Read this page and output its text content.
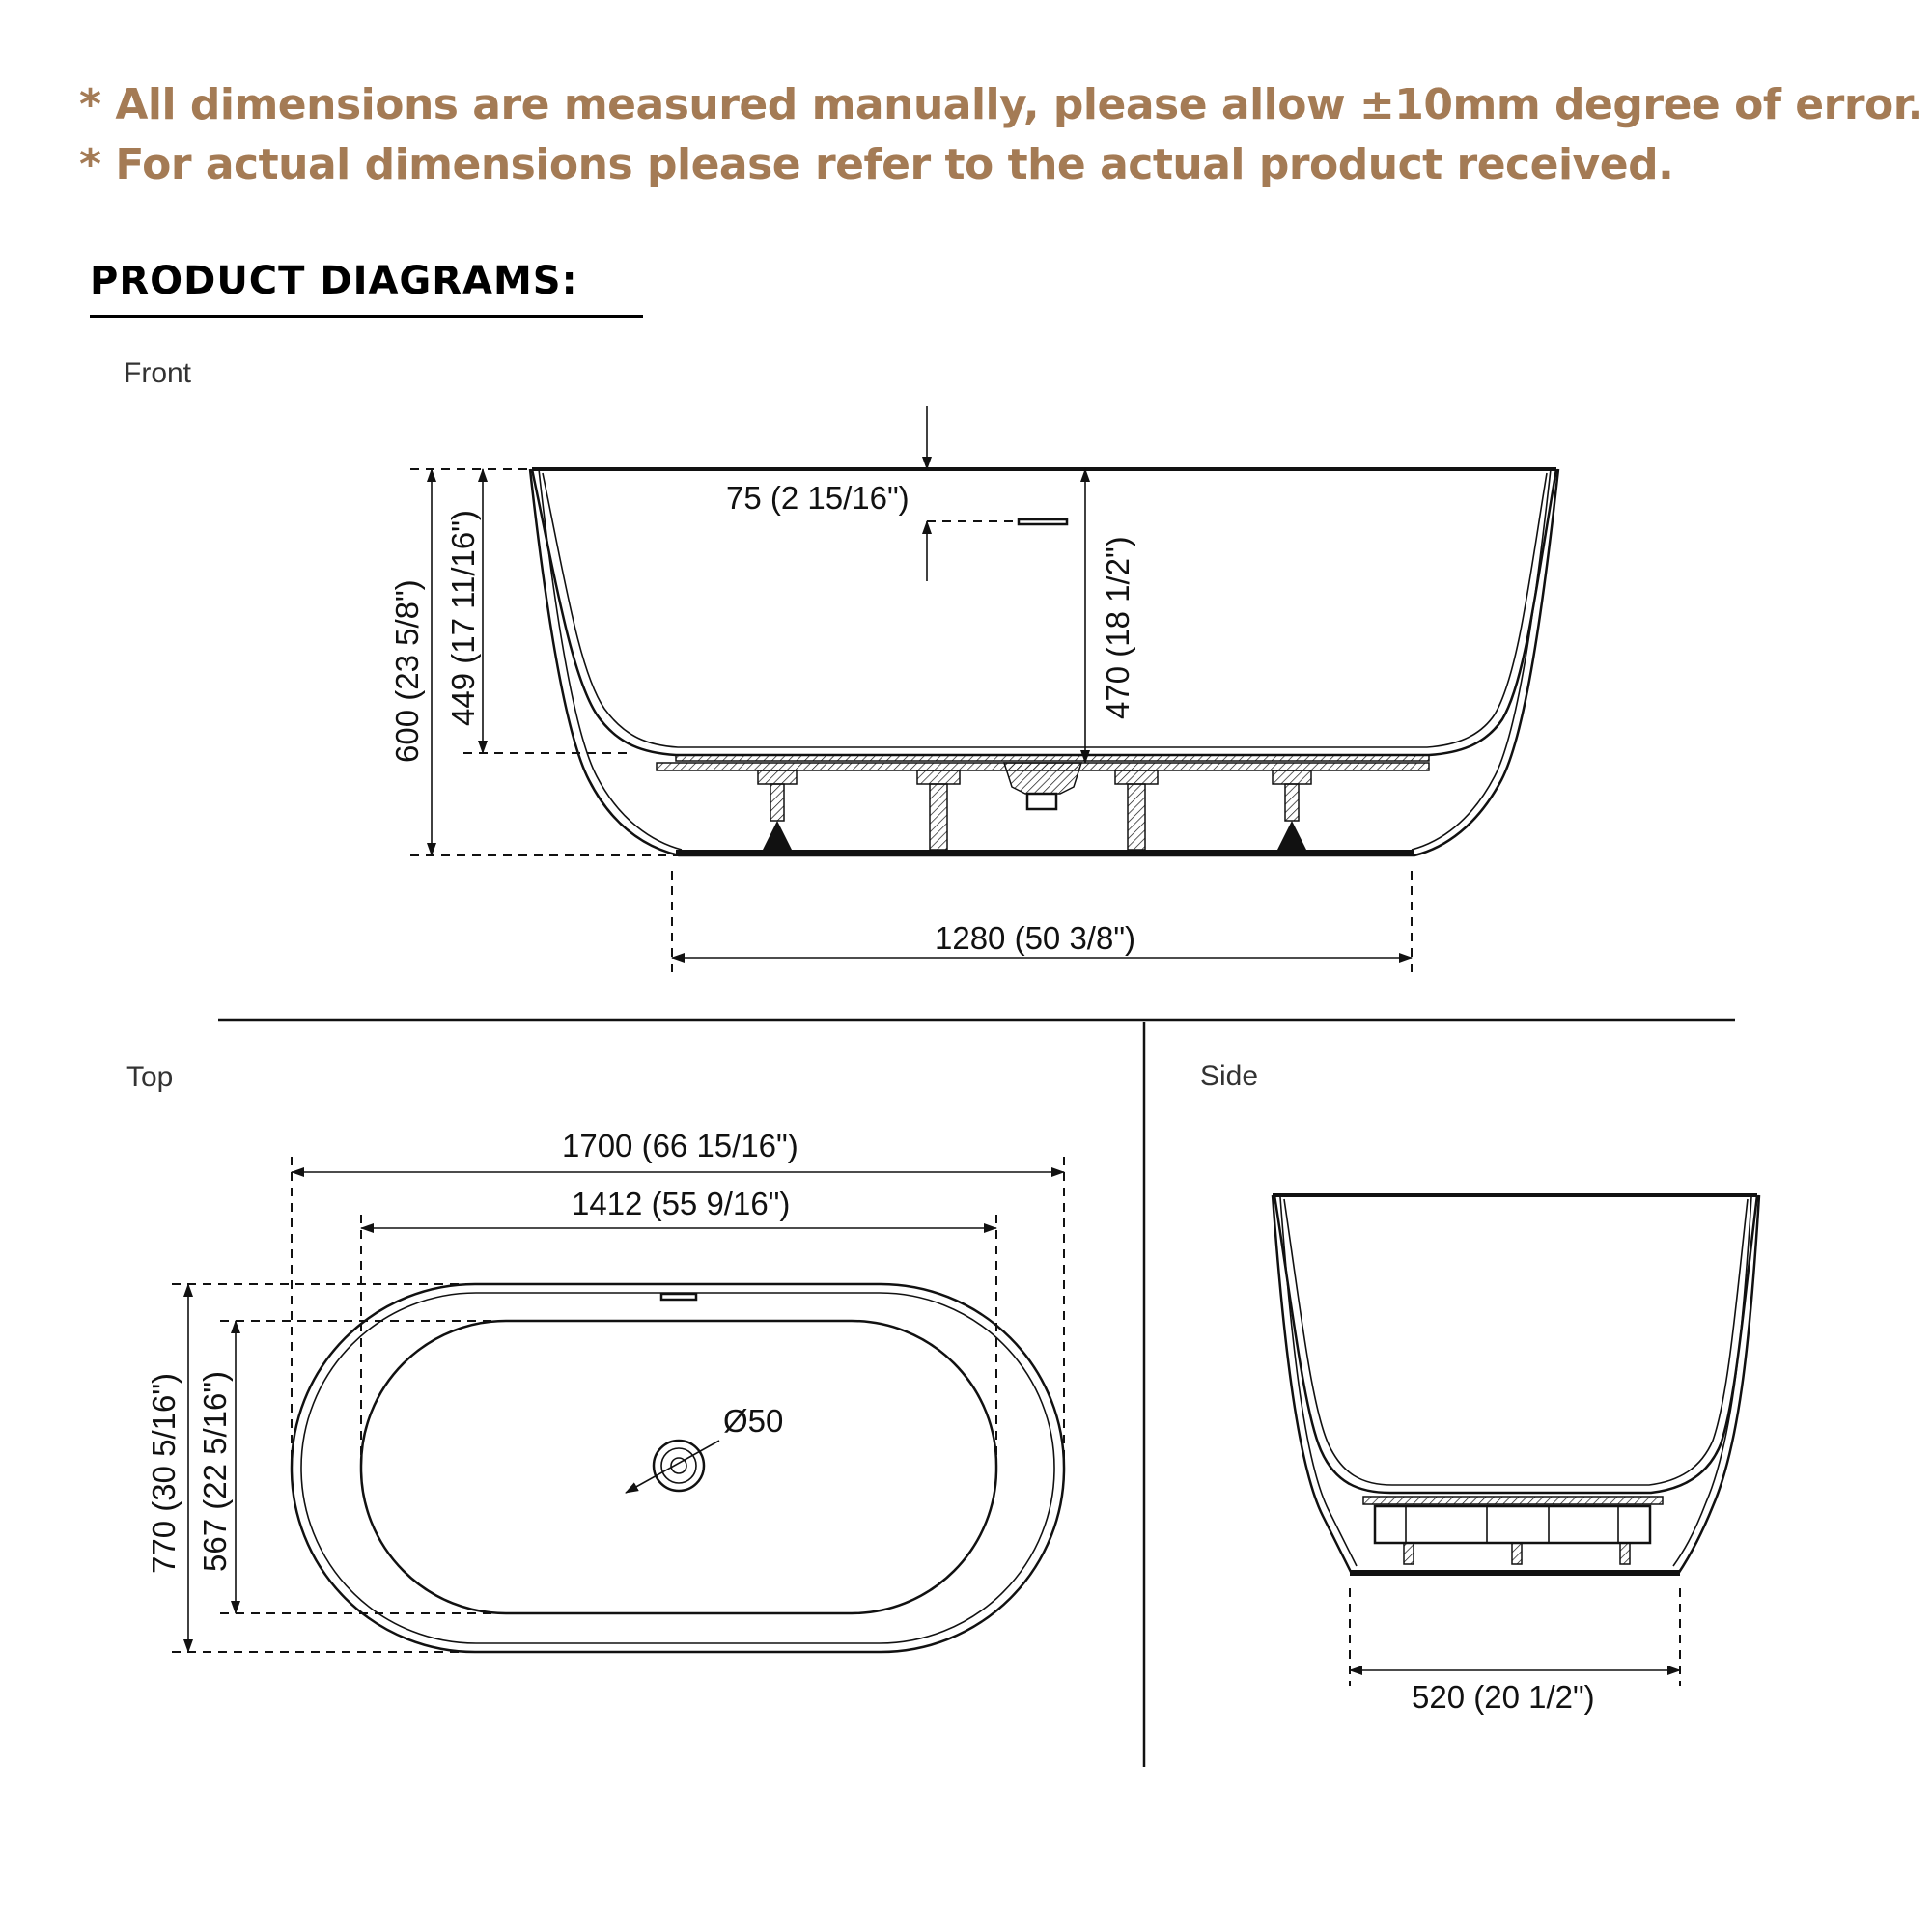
* All dimensions are measured manually, please allow ±10mm degree of error.
* For actual dimensions please refer to the actual product received.
PRODUCT DIAGRAMS:
Front
75 (2 15/16")
470 (18 1/2")
600 (23 5/8") 449 (17 11/16")
1280 (50 3/8")
Top
Ø50
1700 (66 15/16")
1412 (55 9/16")
770 (30 5/16") 567 (22 5/16")
Side
520 (20 1/2")
